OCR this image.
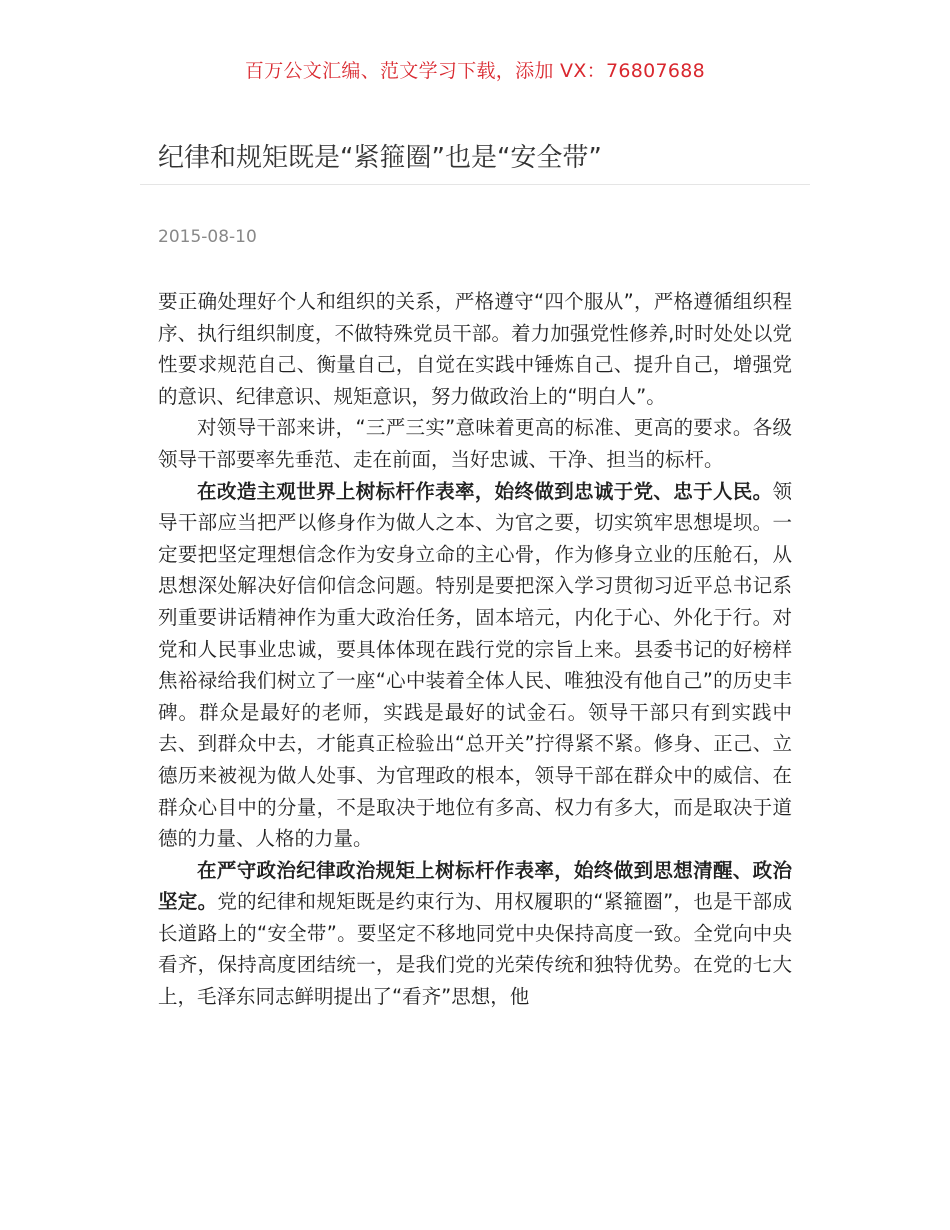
百万公文汇编、范文学习下载，添加 VX：76807688
纪律和规矩既是“紧箍圈”也是“安全带”
2015-08-10

要正确处理好个人和组织的关系，严格遵守“四个服从”，严格遵循组织程序、执行组织制度，不做特殊党员干部。着力加强党性修养,时时处处以党性要求规范自己、衡量自己，自觉在实践中锤炼自己、提升自己，增强党的意识、纪律意识、规矩意识，努力做政治上的“明白人”。

对领导干部来讲，“三严三实”意味着更高的标准、更高的要求。各级领导干部要率先垂范、走在前面，当好忠诚、干净、担当的标杆。

在改造主观世界上树标杆作表率，始终做到忠诚于党、忠于人民。领导干部应当把严以修身作为做人之本、为官之要，切实筑牢思想堤坝。一定要把坚定理想信念作为安身立命的主心骨，作为修身立业的压舱石，从思想深处解决好信仰信念问题。特别是要把深入学习贯彻习近平总书记系列重要讲话精神作为重大政治任务，固本培元，内化于心、外化于行。对党和人民事业忠诚，要具体体现在践行党的宗旨上来。县委书记的好榜样焦裕禄给我们树立了一座“心中装着全体人民、唯独没有他自己”的历史丰碑。群众是最好的老师，实践是最好的试金石。领导干部只有到实践中去、到群众中去，才能真正检验出“总开关”拧得紧不紧。修身、正己、立德历来被视为做人处事、为官理政的根本，领导干部在群众中的威信、在群众心目中的分量，不是取决于地位有多高、权力有多大，而是取决于道德的力量、人格的力量。

在严守政治纪律政治规矩上树标杆作表率，始终做到思想清醒、政治坚定。党的纪律和规矩既是约束行为、用权履职的“紧箍圈”，也是干部成长道路上的“安全带”。要坚定不移地同党中央保持高度一致。全党向中央看齐，保持高度团结统一，是我们党的光荣传统和独特优势。在党的七大上，毛泽东同志鲜明提出了“看齐”思想，他
